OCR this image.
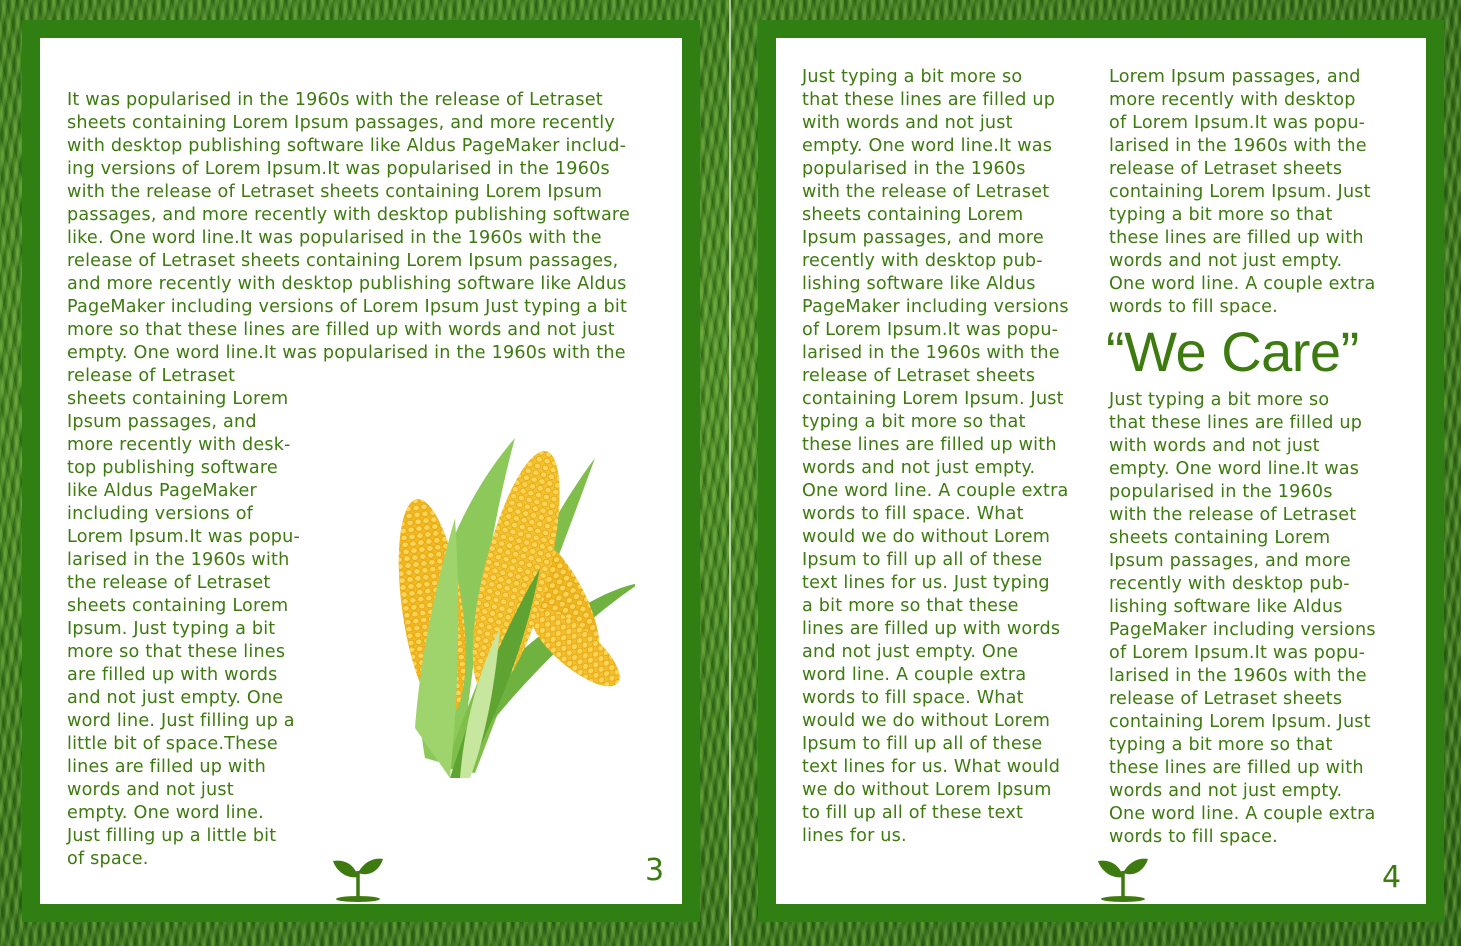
It was popularised in the 1960s with the release of Letraset
sheets containing Lorem Ipsum passages, and more recently
with desktop publishing software like Aldus PageMaker includ-
ing versions of Lorem Ipsum.It was popularised in the 1960s
with the release of Letraset sheets containing Lorem Ipsum
passages, and more recently with desktop publishing software
like. One word line.It was popularised in the 1960s with the
release of Letraset sheets containing Lorem Ipsum passages,
and more recently with desktop publishing software like Aldus
PageMaker including versions of Lorem Ipsum Just typing a bit
more so that these lines are filled up with words and not just
empty. One word line.It was popularised in the 1960s with the

release of Letraset
sheets containing Lorem
Ipsum passages, and
more recently with desk-
top publishing software
like Aldus PageMaker
including versions of
Lorem Ipsum.It was popu-
larised in the 1960s with
the release of Letraset
sheets containing Lorem
Ipsum. Just typing a bit
more so that these lines
are filled up with words
and not just empty. One
word line. Just filling up a
little bit of space.These
lines are filled up with
words and not just
empty. One word line.
Just filling up a little bit
of space.	3

Just typing a bit more so
that these lines are filled up
with words and not just
empty. One word line.It was
popularised in the 1960s
with the release of Letraset
sheets containing Lorem
Ipsum passages, and more
recently with desktop pub-
lishing software like Aldus
PageMaker including versions
of Lorem Ipsum.It was popu-
larised in the 1960s with the
release of Letraset sheets
containing Lorem Ipsum. Just
typing a bit more so that
these lines are filled up with
words and not just empty.
One word line. A couple extra
words to fill space. What
would we do without Lorem
Ipsum to fill up all of these
text lines for us. Just typing
a bit more so that these
lines are filled up with words
and not just empty. One
word line. A couple extra
words to fill space. What
would we do without Lorem
Ipsum to fill up all of these
text lines for us. What would
we do without Lorem Ipsum
to fill up all of these text
lines for us.

Lorem Ipsum passages, and
more recently with desktop
of Lorem Ipsum.It was popu-
larised in the 1960s with the
release of Letraset sheets
containing Lorem Ipsum. Just
typing a bit more so that
these lines are filled up with
words and not just empty.
One word line. A couple extra
words to fill space.

“We Care”

Just typing a bit more so
that these lines are filled up
with words and not just
empty. One word line.It was
popularised in the 1960s
with the release of Letraset
sheets containing Lorem
Ipsum passages, and more
recently with desktop pub-
lishing software like Aldus
PageMaker including versions
of Lorem Ipsum.It was popu-
larised in the 1960s with the
release of Letraset sheets
containing Lorem Ipsum. Just
typing a bit more so that
these lines are filled up with
words and not just empty.
One word line. A couple extra
words to fill space.

4
